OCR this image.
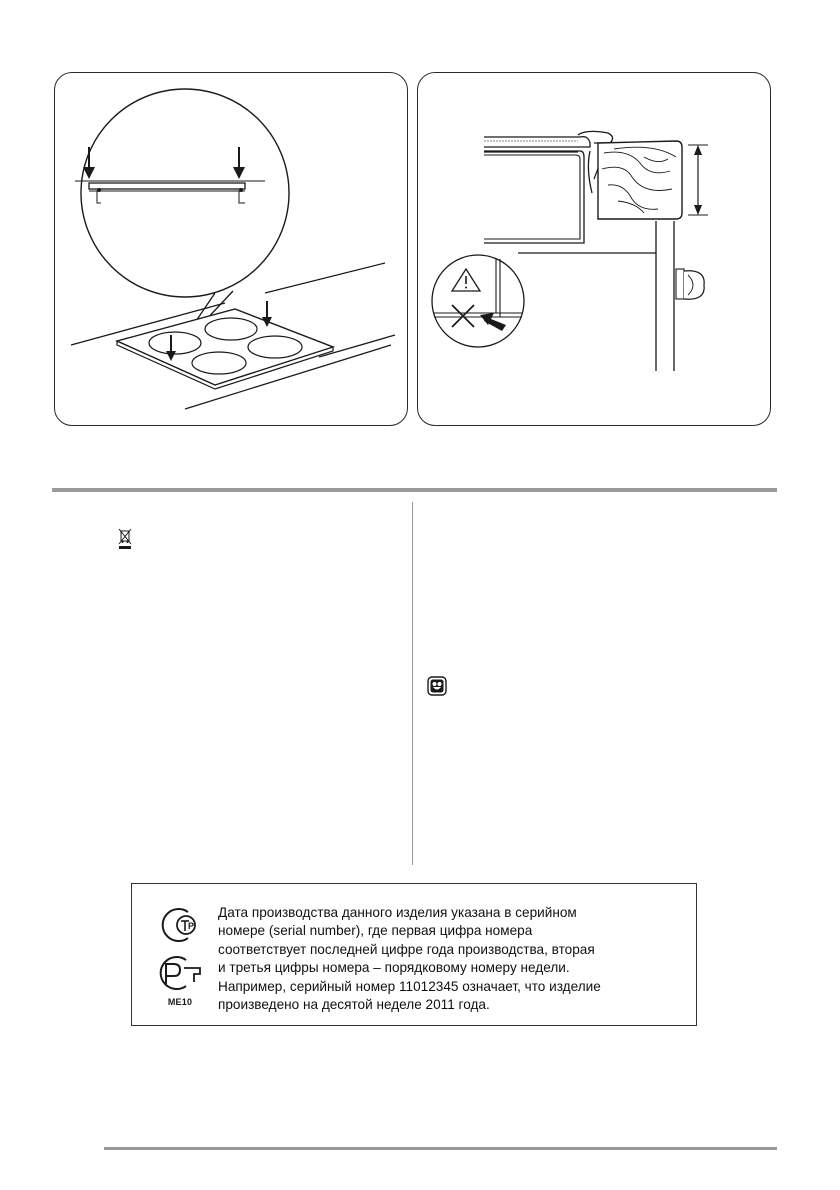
P
ME10
Дата производства данного изделия указана в серийном
номере (serial number), где первая цифра номера
соответствует последней цифре года производства, вторая
и третья цифры номера – порядковому номеру недели.
Например, серийный номер 11012345 означает, что изделие
произведено на десятой неделе 2011 года.
